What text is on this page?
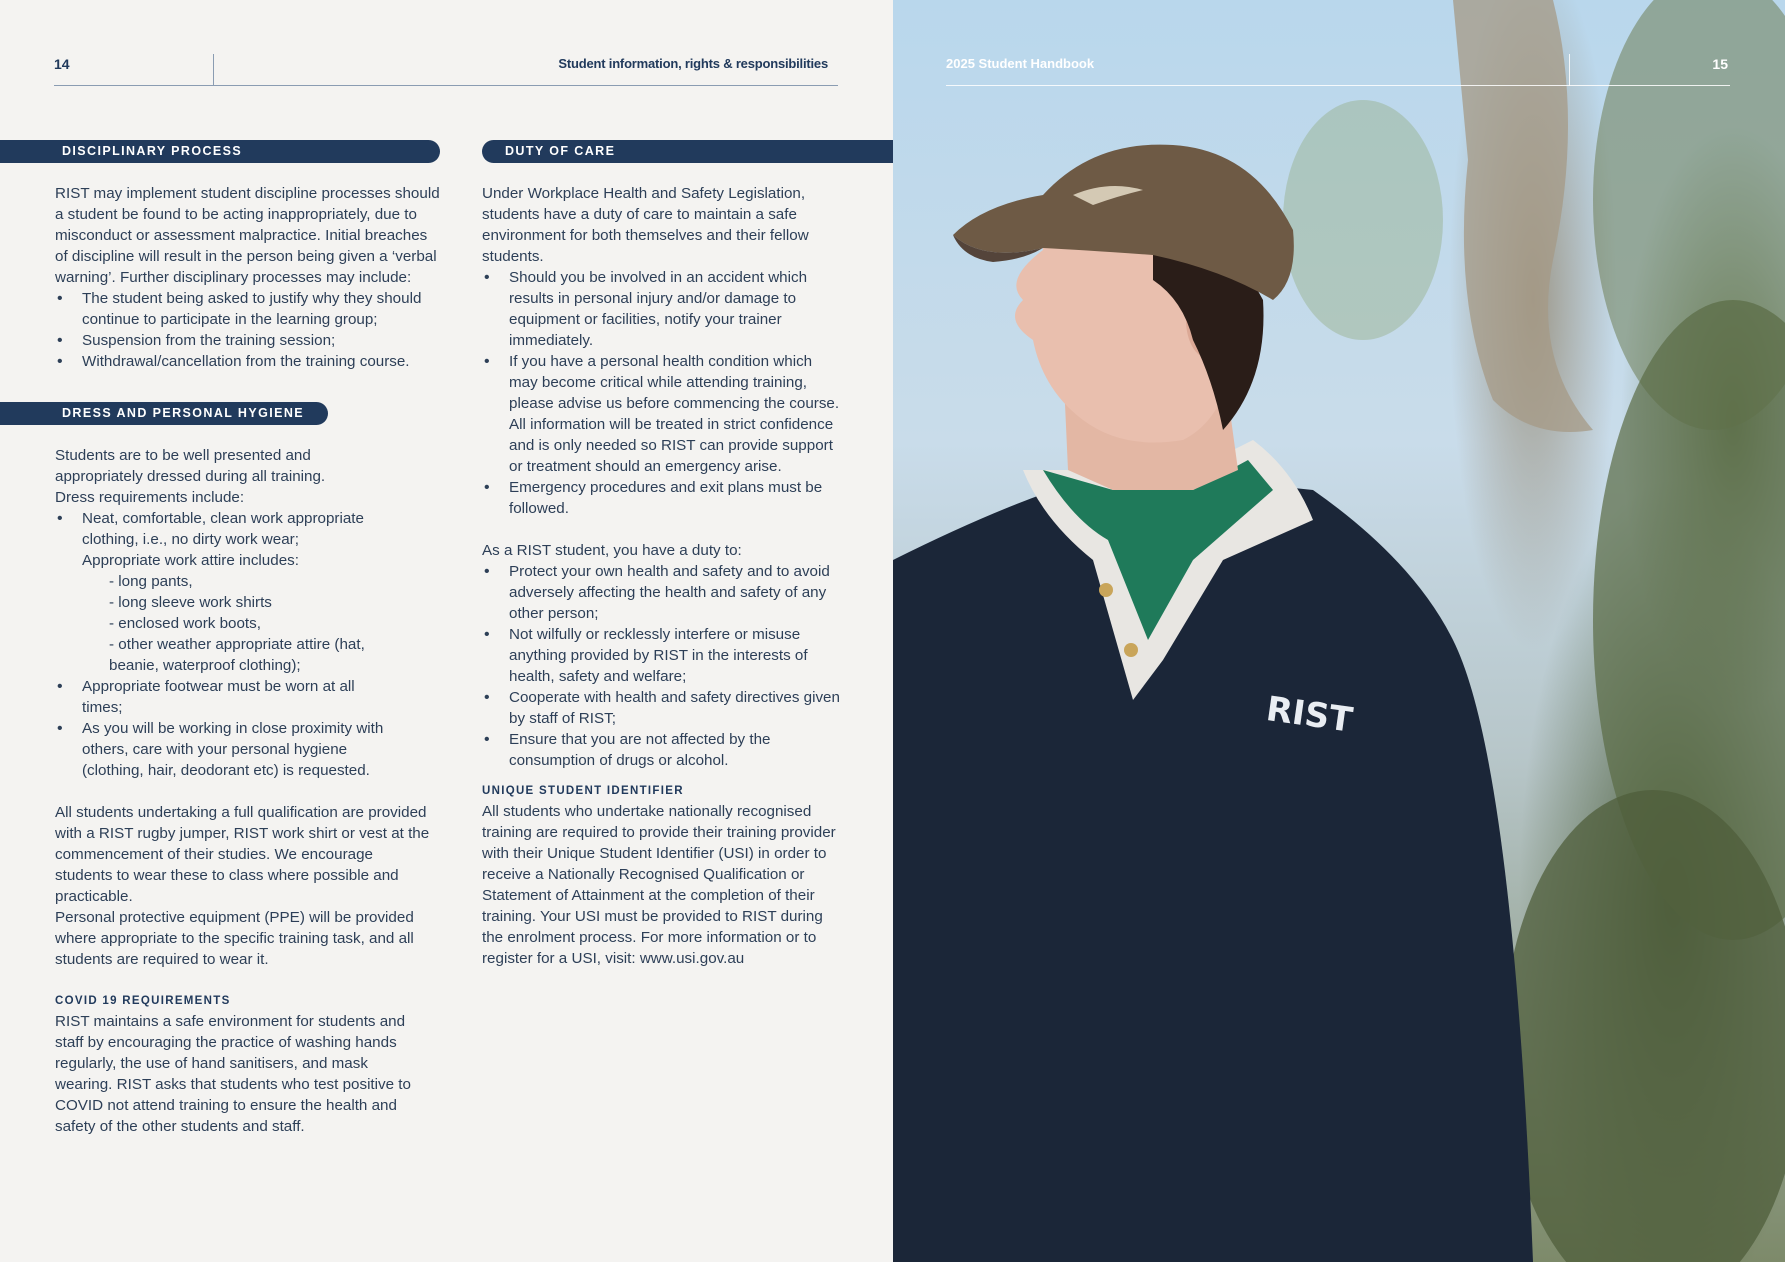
14	Student information, rights & responsibilities
DISCIPLINARY PROCESS
RIST may implement student discipline processes should a student be found to be acting inappropriately, due to misconduct or assessment malpractice. Initial breaches of discipline will result in the person being given a ‘verbal warning’. Further disciplinary processes may include:
• The student being asked to justify why they should continue to participate in the learning group;
• Suspension from the training session;
• Withdrawal/cancellation from the training course.
DRESS AND PERSONAL HYGIENE
Students are to be well presented and appropriately dressed during all training.
Dress requirements include:
• Neat, comfortable, clean work appropriate clothing, i.e., no dirty work wear;
Appropriate work attire includes:
- long pants,
- long sleeve work shirts
- enclosed work boots,
- other weather appropriate attire (hat, beanie, waterproof clothing);
• Appropriate footwear must be worn at all times;
• As you will be working in close proximity with others, care with your personal hygiene (clothing, hair, deodorant etc) is requested.
All students undertaking a full qualification are provided with a RIST rugby jumper, RIST work shirt or vest at the commencement of their studies. We encourage students to wear these to class where possible and practicable.
Personal protective equipment (PPE) will be provided where appropriate to the specific training task, and all students are required to wear it.
COVID 19 REQUIREMENTS
RIST maintains a safe environment for students and staff by encouraging the practice of washing hands regularly, the use of hand sanitisers, and mask wearing. RIST asks that students who test positive to COVID not attend training to ensure the health and safety of the other students and staff.
DUTY OF CARE
Under Workplace Health and Safety Legislation, students have a duty of care to maintain a safe environment for both themselves and their fellow students.
• Should you be involved in an accident which results in personal injury and/or damage to equipment or facilities, notify your trainer immediately.
• If you have a personal health condition which may become critical while attending training, please advise us before commencing the course. All information will be treated in strict confidence and is only needed so RIST can provide support or treatment should an emergency arise.
• Emergency procedures and exit plans must be followed.
As a RIST student, you have a duty to:
• Protect your own health and safety and to avoid adversely affecting the health and safety of any other person;
• Not wilfully or recklessly interfere or misuse anything provided by RIST in the interests of health, safety and welfare;
• Cooperate with health and safety directives given by staff of RIST;
• Ensure that you are not affected by the consumption of drugs or alcohol.
UNIQUE STUDENT IDENTIFIER
All students who undertake nationally recognised training are required to provide their training provider with their Unique Student Identifier (USI) in order to receive a Nationally Recognised Qualification or Statement of Attainment at the completion of their training. Your USI must be provided to RIST during the enrolment process. For more information or to register for a USI, visit: www.usi.gov.au
RIST
2025 Student Handbook	15
